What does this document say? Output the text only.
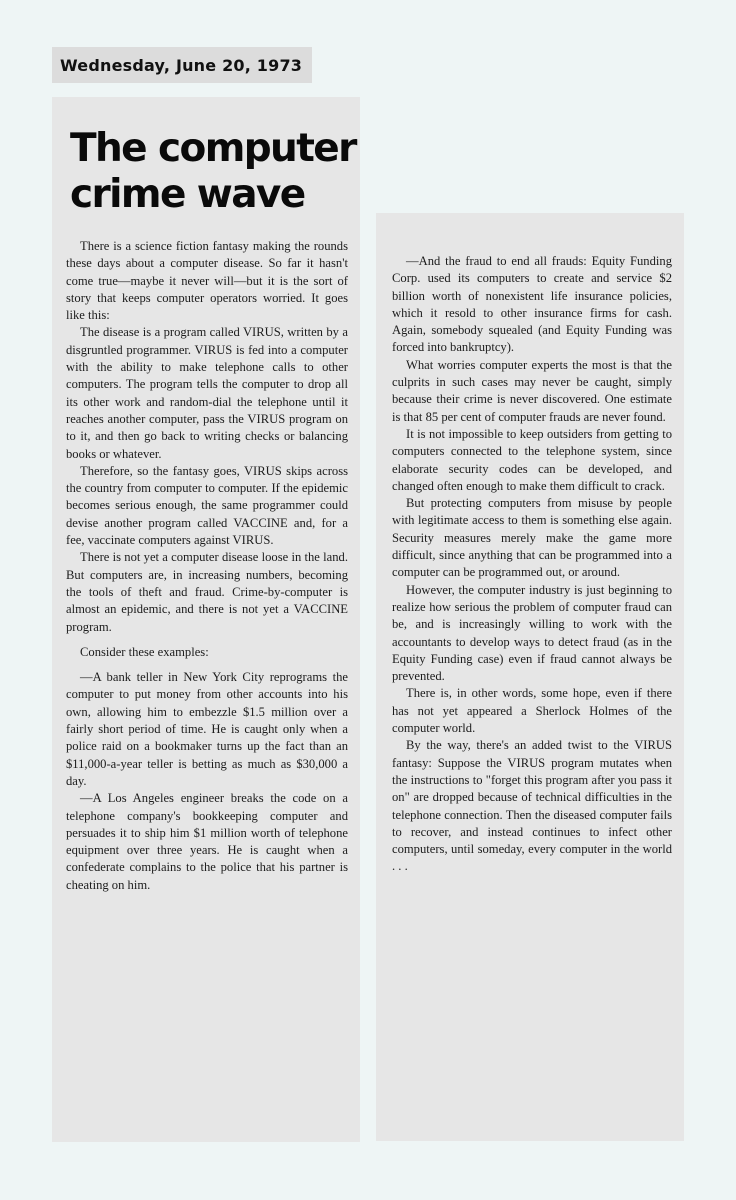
Wednesday, June 20, 1973
The computer
crime wave

There is a science fiction fantasy making the rounds these days about a computer disease. So far it hasn't come true—maybe it never will—but it is the sort of story that keeps computer operators worried. It goes like this:

The disease is a program called VIRUS, written by a disgruntled programmer. VIRUS is fed into a computer with the ability to make telephone calls to other computers. The program tells the computer to drop all its other work and random-dial the telephone until it reaches another computer, pass the VIRUS program on to it, and then go back to writing checks or balancing books or whatever.

Therefore, so the fantasy goes, VIRUS skips across the country from computer to computer. If the epidemic becomes serious enough, the same programmer could devise another program called VACCINE and, for a fee, vaccinate computers against VIRUS.

There is not yet a computer disease loose in the land. But computers are, in increasing numbers, becoming the tools of theft and fraud. Crime-by-computer is almost an epidemic, and there is not yet a VACCINE program.

Consider these examples:

—A bank teller in New York City reprograms the computer to put money from other accounts into his own, allowing him to embezzle $1.5 million over a fairly short period of time. He is caught only when a police raid on a bookmaker turns up the fact than an $11,000-a-year teller is betting as much as $30,000 a day.

—A Los Angeles engineer breaks the code on a telephone company's bookkeeping computer and persuades it to ship him $1 million worth of telephone equipment over three years. He is caught when a confederate complains to the police that his partner is cheating on him.

—And the fraud to end all frauds: Equity Funding Corp. used its computers to create and service $2 billion worth of nonexistent life insurance policies, which it resold to other insurance firms for cash. Again, somebody squealed (and Equity Funding was forced into bankruptcy).

What worries computer experts the most is that the culprits in such cases may never be caught, simply because their crime is never discovered. One estimate is that 85 per cent of computer frauds are never found.

It is not impossible to keep outsiders from getting to computers connected to the telephone system, since elaborate security codes can be developed, and changed often enough to make them difficult to crack.

But protecting computers from misuse by people with legitimate access to them is something else again. Security measures merely make the game more difficult, since anything that can be programmed into a computer can be programmed out, or around.

However, the computer industry is just beginning to realize how serious the problem of computer fraud can be, and is increasingly willing to work with the accountants to develop ways to detect fraud (as in the Equity Funding case) even if fraud cannot always be prevented.

There is, in other words, some hope, even if there has not yet appeared a Sherlock Holmes of the computer world.

By the way, there's an added twist to the VIRUS fantasy: Suppose the VIRUS program mutates when the instructions to "forget this program after you pass it on" are dropped because of technical difficulties in the telephone connection. Then the diseased computer fails to recover, and instead continues to infect other computers, until someday, every computer in the world . . .
